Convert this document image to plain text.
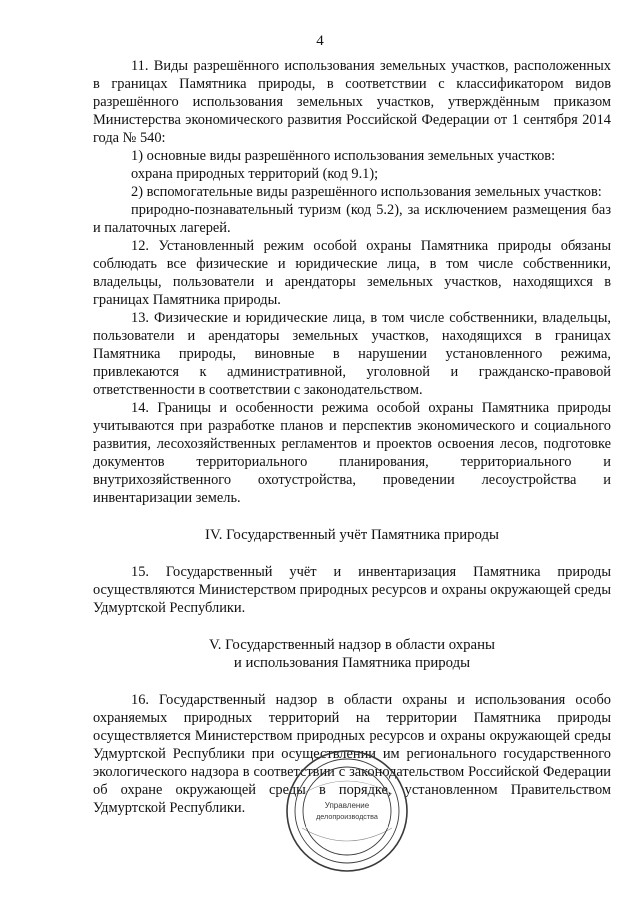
4

11. Виды разрешённого использования земельных участков, расположенных в границах Памятника природы, в соответствии с классификатором видов разрешённого использования земельных участков, утверждённым приказом Министерства экономического развития Российской Федерации от 1 сентября 2014 года № 540:

1) основные виды разрешённого использования земельных участков:

охрана природных территорий (код 9.1);

2) вспомогательные виды разрешённого использования земельных участков:

природно-познавательный туризм (код 5.2), за исключением размещения баз и палаточных лагерей.

12. Установленный режим особой охраны Памятника природы обязаны соблюдать все физические и юридические лица, в том числе собственники, владельцы, пользователи и арендаторы земельных участков, находящихся в границах Памятника природы.

13. Физические и юридические лица, в том числе собственники, владельцы, пользователи и арендаторы земельных участков, находящихся в границах Памятника природы, виновные в нарушении установленного режима, привлекаются к административной, уголовной и гражданско-правовой ответственности в соответствии с законодательством.

14. Границы и особенности режима особой охраны Памятника природы учитываются при разработке планов и перспектив экономического и социального развития, лесохозяйственных регламентов и проектов освоения лесов, подготовке документов территориального планирования, территориального и внутрихозяйственного охотустройства, проведении лесоустройства и инвентаризации земель.

IV. Государственный учёт Памятника природы

15. Государственный учёт и инвентаризация Памятника природы осуществляются Министерством природных ресурсов и охраны окружающей среды Удмуртской Республики.

V. Государственный надзор в области охраны

и использования Памятника природы

16. Государственный надзор в области охраны и использования особо охраняемых природных территорий на территории Памятника природы осуществляется Министерством природных ресурсов и охраны окружающей среды Удмуртской Республики при осуществлении им регионального государственного экологического надзора в соответствии с законодательством Российской Федерации об охране окружающей среды в порядке, установленном Правительством Удмуртской Республики.	Управление
делопроизводства
